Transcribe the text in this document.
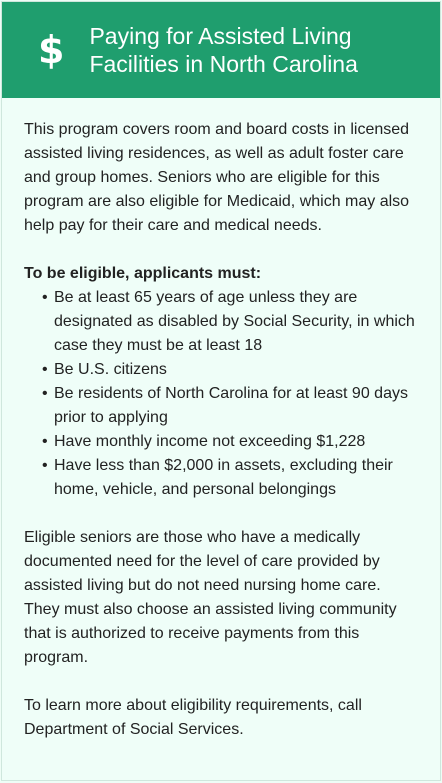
$ Paying for Assisted Living Facilities in North Carolina

This program covers room and board costs in licensed assisted living residences, as well as adult foster care and group homes. Seniors who are eligible for this program are also eligible for Medicaid, which may also help pay for their care and medical needs.

To be eligible, applicants must:

• Be at least 65 years of age unless they are designated as disabled by Social Security, in which case they must be at least 18
• Be U.S. citizens
• Be residents of North Carolina for at least 90 days prior to applying
• Have monthly income not exceeding $1,228
• Have less than $2,000 in assets, excluding their home, vehicle, and personal belongings

Eligible seniors are those who have a medically documented need for the level of care provided by assisted living but do not need nursing home care. They must also choose an assisted living community that is authorized to receive payments from this program.

To learn more about eligibility requirements, call Department of Social Services.
